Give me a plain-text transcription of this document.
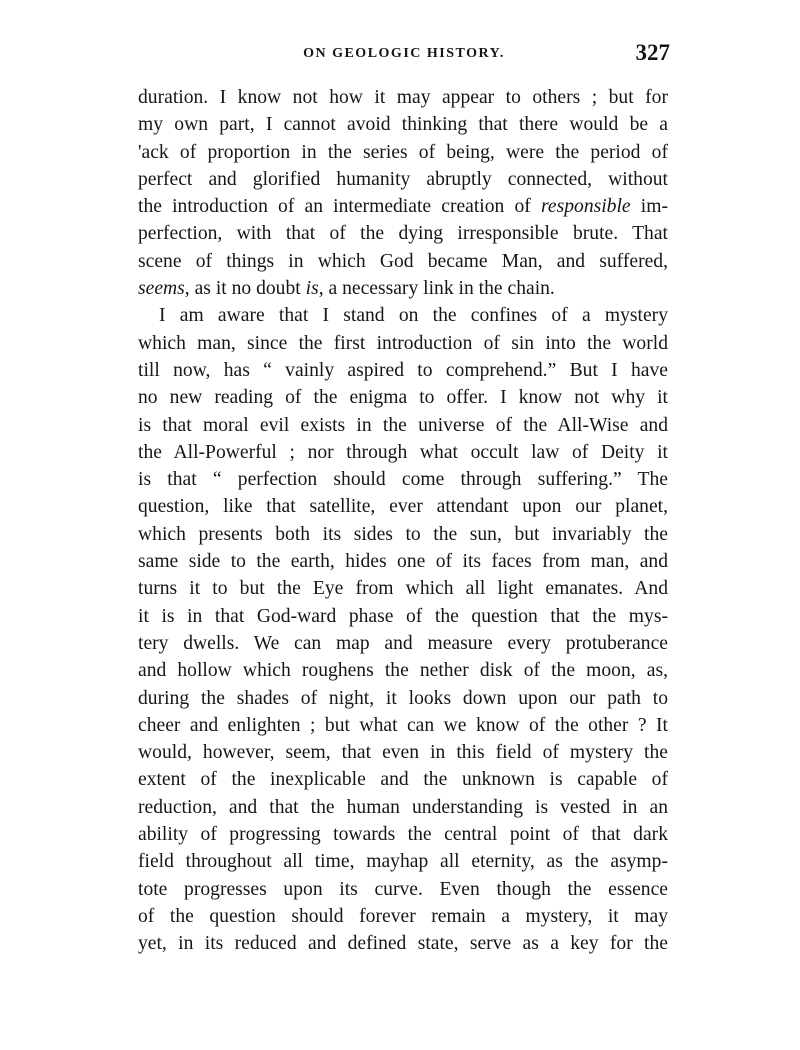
ON GEOLOGIC HISTORY.	327
duration. I know not how it may appear to others ; but for
my own part, I cannot avoid thinking that there would be a
'ack of proportion in the series of being, were the period of
perfect and glorified humanity abruptly connected, without
the introduction of an intermediate creation of responsible im-
perfection, with that of the dying irresponsible brute. That
scene of things in which God became Man, and suffered,
seems, as it no doubt is, a necessary link in the chain.
I am aware that I stand on the confines of a mystery
which man, since the first introduction of sin into the world
till now, has “ vainly aspired to comprehend.” But I have
no new reading of the enigma to offer. I know not why it
is that moral evil exists in the universe of the All-Wise and
the All-Powerful ; nor through what occult law of Deity it
is that “ perfection should come through suffering.” The
question, like that satellite, ever attendant upon our planet,
which presents both its sides to the sun, but invariably the
same side to the earth, hides one of its faces from man, and
turns it to but the Eye from which all light emanates. And
it is in that God-ward phase of the question that the mys-
tery dwells. We can map and measure every protuberance
and hollow which roughens the nether disk of the moon, as,
during the shades of night, it looks down upon our path to
cheer and enlighten ; but what can we know of the other ? It
would, however, seem, that even in this field of mystery the
extent of the inexplicable and the unknown is capable of
reduction, and that the human understanding is vested in an
ability of progressing towards the central point of that dark
field throughout all time, mayhap all eternity, as the asymp-
tote progresses upon its curve. Even though the essence
of the question should forever remain a mystery, it may
yet, in its reduced and defined state, serve as a key for the
